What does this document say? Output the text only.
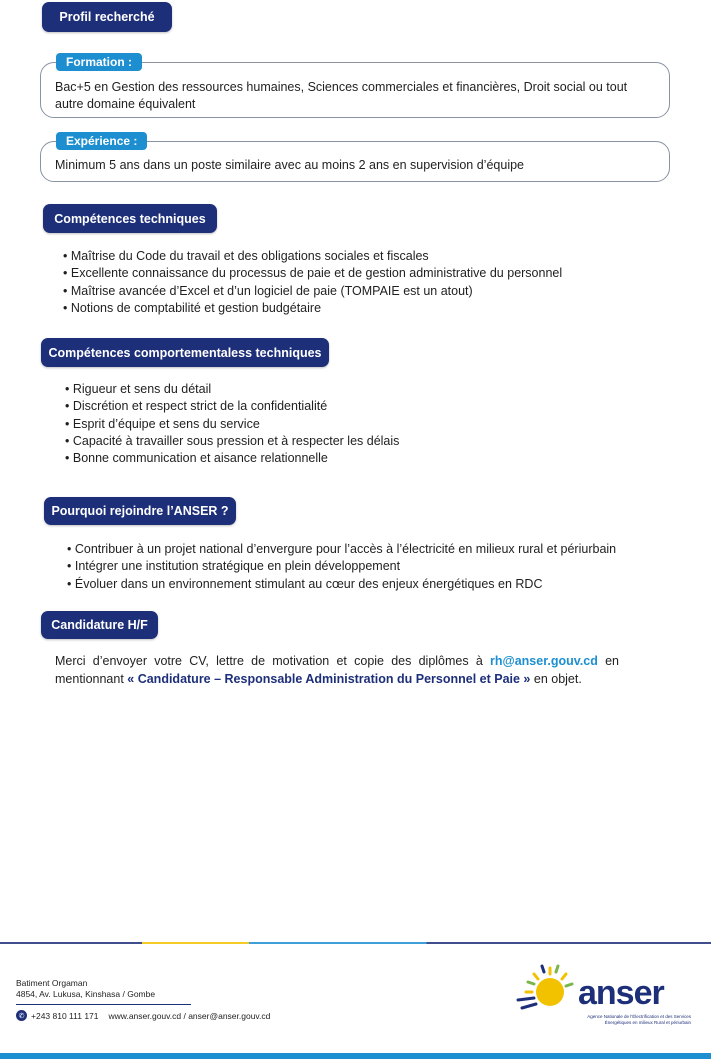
Profil recherché
Formation :
Bac+5 en Gestion des ressources humaines, Sciences commerciales et financières, Droit social ou tout autre domaine équivalent
Expérience :
Minimum 5 ans dans un poste similaire avec au moins 2 ans en supervision d’équipe
Compétences techniques
• Maîtrise du Code du travail et des obligations sociales et fiscales
• Excellente connaissance du processus de paie et de gestion administrative du personnel
• Maîtrise avancée d’Excel et d’un logiciel de paie (TOMPAIE est un atout)
• Notions de comptabilité et gestion budgétaire
Compétences comportementaless techniques
• Rigueur et sens du détail
• Discrétion et respect strict de la confidentialité
• Esprit d’équipe et sens du service
• Capacité à travailler sous pression et à respecter les délais
• Bonne communication et aisance relationnelle
Pourquoi rejoindre l’ANSER ?
• Contribuer à un projet national d’envergure pour l’accès à l’électricité en milieux rural et périurbain
• Intégrer une institution stratégique en plein développement
• Évoluer dans un environnement stimulant au cœur des enjeux énergétiques en RDC
Candidature H/F
Merci d’envoyer votre CV, lettre de motivation et copie des diplômes à rh@anser.gouv.cd en mentionnant « Candidature – Responsable Administration du Personnel et Paie » en objet.
Batiment Orgaman
4854, Av. Lukusa, Kinshasa / Gombe
✆ +243 810 111 171 www.anser.gouv.cd / anser@anser.gouv.cd
anser
Agence Nationale de l’Électrification et des Services
Énergétiques en milieux Rural et périurbain
